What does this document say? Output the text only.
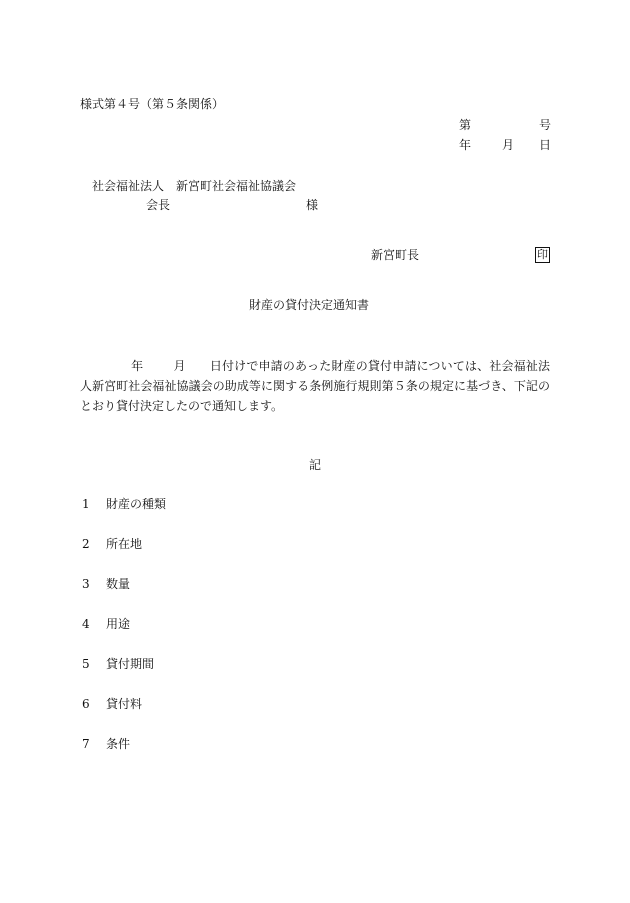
様式第４号（第５条関係）
第	号
年	月 日
社会福祉法人　新宮町社会福祉協議会
会長	様
新宮町長	印
財産の貸付決定通知書
年	月 日付けで申請のあった財産の貸付申請については、社会福祉法人新宮町社会福祉協議会の助成等に関する条例施行規則第５条の規定に基づき、下記のとおり貸付決定したので通知します。
記
1 財産の種類
2 所在地
3 数量
4 用途
5 貸付期間
6 貸付料
7 条件
